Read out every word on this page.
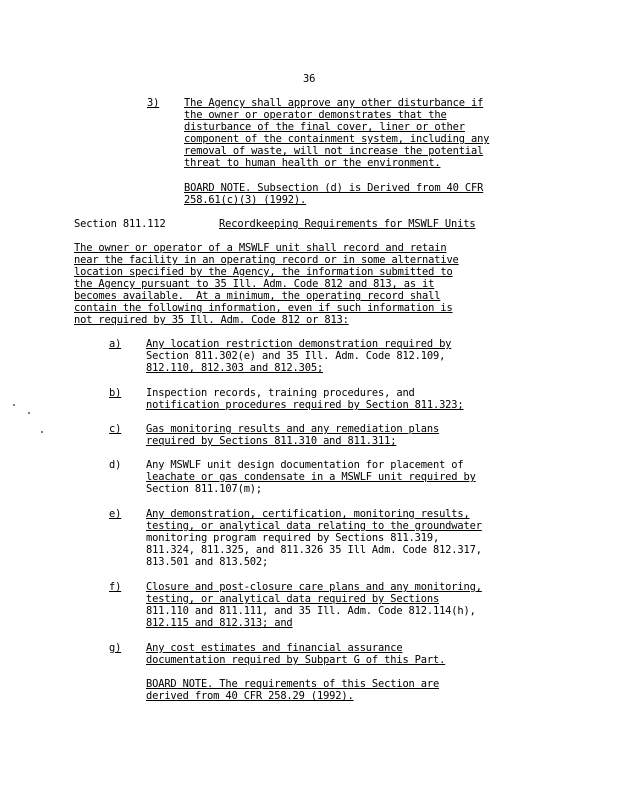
36
3) The Agency shall approve any other disturbance if
the owner or operator demonstrates that the
disturbance of the final cover, liner or other
component of the containment system, including any
removal of waste, will not increase the potential
threat to human health or the environment.
BOARD NOTE. Subsection (d) is Derived from 40 CFR
258.61(c)(3) (1992).
Section 811.112	Recordkeeping Requirements for MSWLF Units
The owner or operator of a MSWLF unit shall record and retain
near the facility in an operating record or in some alternative
location specified by the Agency, the information submitted to
the Agency pursuant to 35 Ill. Adm. Code 812 and 813, as it
becomes available.  At a minimum, the operating record shall
contain the following information, even if such information is
not required by 35 Ill. Adm. Code 812 or 813:
a) Any location restriction demonstration required by
Section 811.302(e) and 35 Ill. Adm. Code 812.109,
812.110, 812.303 and 812.305;
b) Inspection records, training procedures, and
notification procedures required by Section 811.323;
c) Gas monitoring results and any remediation plans
required by Sections 811.310 and 811.311;
d) Any MSWLF unit design documentation for placement of
leachate or gas condensate in a MSWLF unit required by
Section 811.107(m);
e) Any demonstration, certification, monitoring results,
testing, or analytical data relating to the groundwater
monitoring program required by Sections 811.319,
811.324, 811.325, and 811.326 35 Ill Adm. Code 812.317,
813.501 and 813.502;
f) Closure and post-closure care plans and any monitoring,
testing, or analytical data required by Sections
811.110 and 811.111, and 35 Ill. Adm. Code 812.114(h),
812.115 and 812.313; and
g) Any cost estimates and financial assurance
documentation required by Subpart G of this Part.
BOARD NOTE. The requirements of this Section are
derived from 40 CFR 258.29 (1992).
